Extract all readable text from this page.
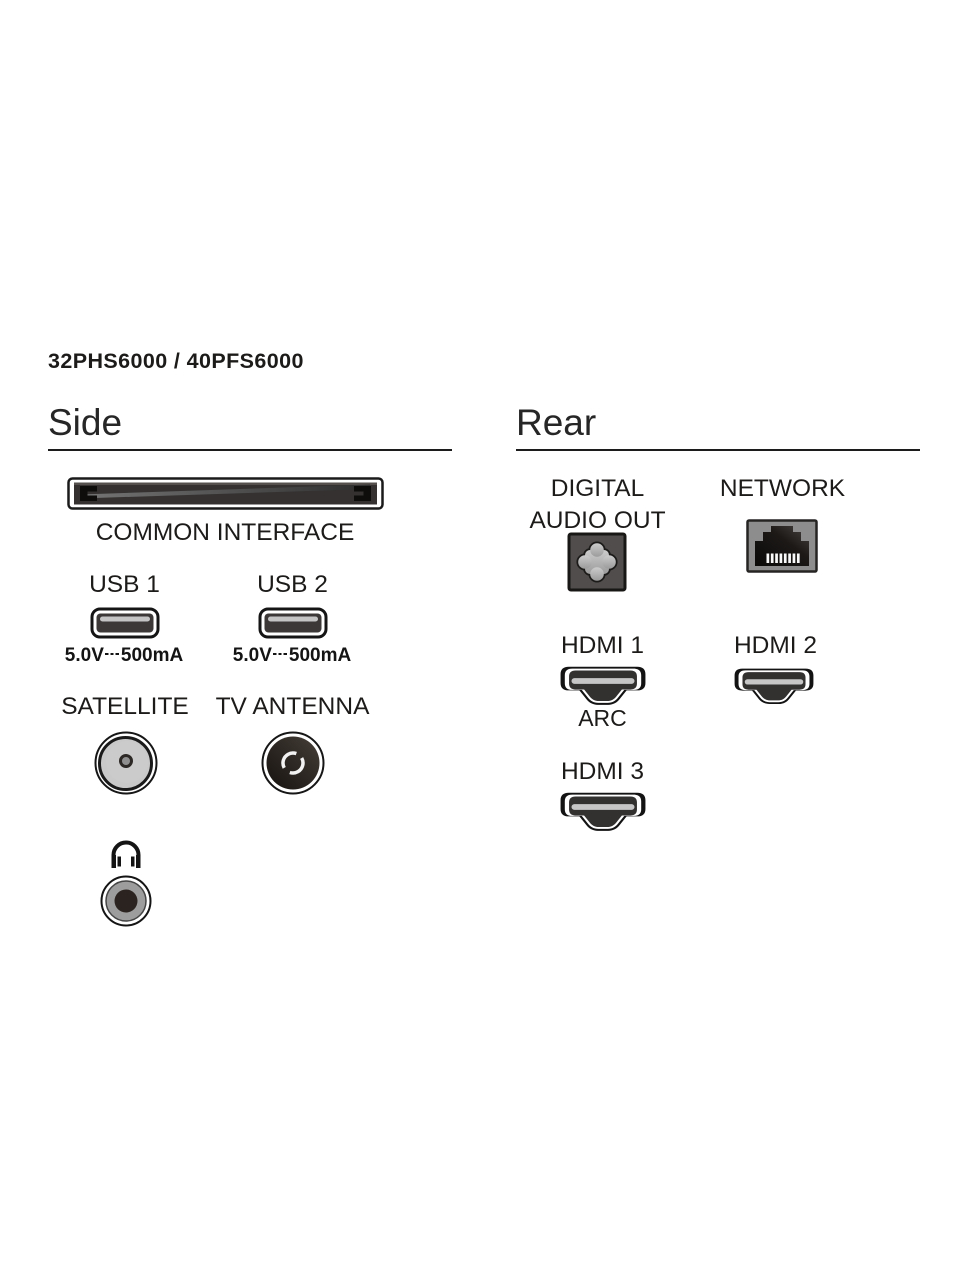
32PHS6000 / 40PFS6000
Side	Rear
COMMON INTERFACE
USB 1
5.0V 500mA
USB 2
5.0V 500mA
SATELLITE	TV ANTENNA
DIGITAL
AUDIO OUT
NETWORK
HDMI 1
ARC
HDMI 2
HDMI 3
